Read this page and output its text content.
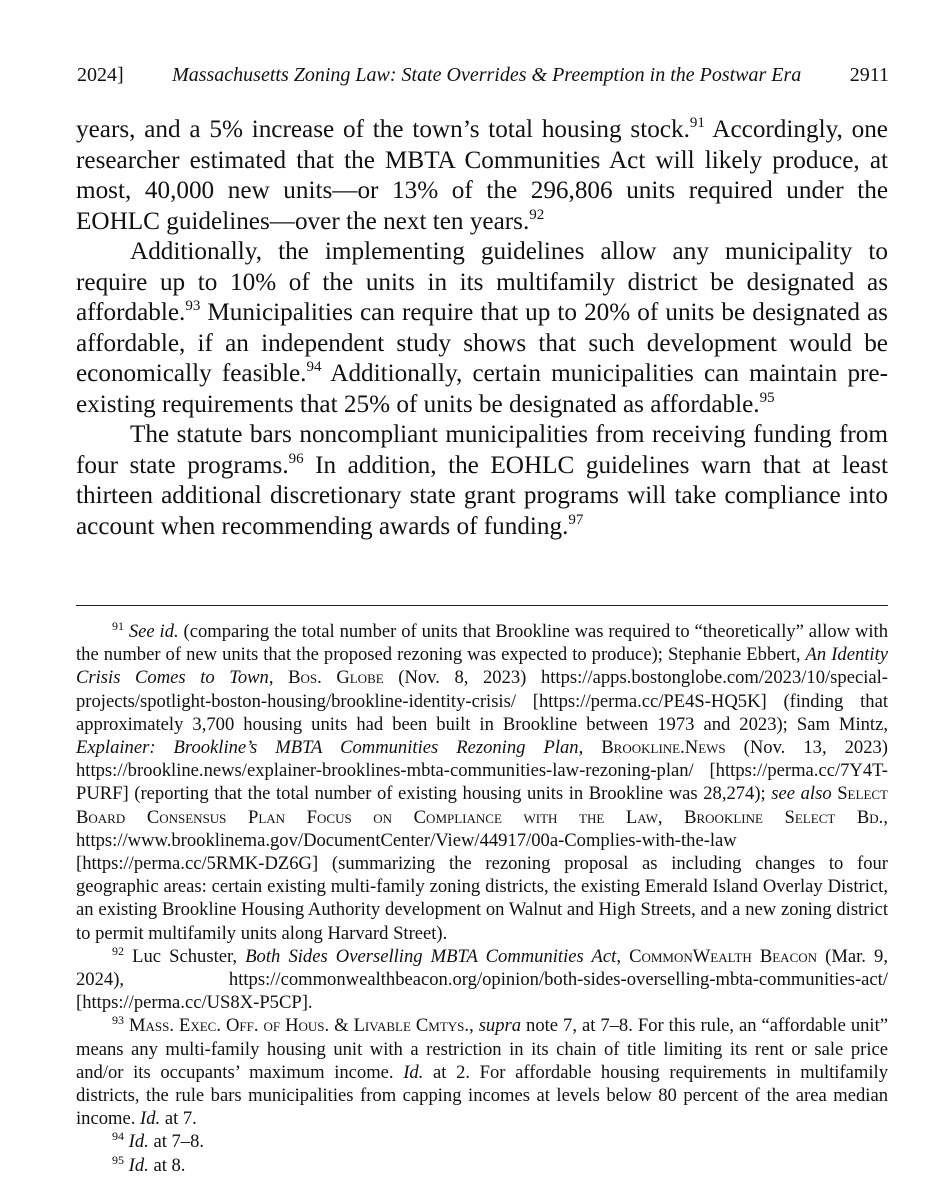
2024] Massachusetts Zoning Law: State Overrides & Preemption in the Postwar Era 2911

years, and a 5% increase of the town’s total housing stock.$^{91}$ Accordingly, one researcher estimated that the MBTA Communities Act will likely produce, at most, 40,000 new units—or 13% of the 296,806 units required under the EOHLC guidelines—over the next ten years.$^{92}$

Additionally, the implementing guidelines allow any municipality to require up to 10% of the units in its multifamily district be designated as affordable.$^{93}$ Municipalities can require that up to 20% of units be designated as affordable, if an independent study shows that such development would be economically feasible.$^{94}$ Additionally, certain municipalities can maintain pre-existing requirements that 25% of units be designated as affordable.$^{95}$

The statute bars noncompliant municipalities from receiving funding from four state programs.$^{96}$ In addition, the EOHLC guidelines warn that at least thirteen additional discretionary state grant programs will take compliance into account when recommending awards of funding.$^{97}$

$^{91}$ See id. (comparing the total number of units that Brookline was required to “theoretically” allow with the number of new units that the proposed rezoning was expected to produce); Stephanie Ebbert, An Identity Crisis Comes to Town, Bos. Globe (Nov. 8, 2023) https://apps.bostonglobe.com/2023/10/special-projects/spotlight-boston-housing/brookline-identity-crisis/ [https://perma.cc/PE4S-HQ5K] (finding that approximately 3,700 housing units had been built in Brookline between 1973 and 2023); Sam Mintz, Explainer: Brookline’s MBTA Communities Rezoning Plan, Brookline.News (Nov. 13, 2023) https://brookline.news/explainer-brooklines-mbta-communities-law-rezoning-plan/ [https://perma.cc/7Y4T-PURF] (reporting that the total number of existing housing units in Brookline was 28,274); see also Select Board Consensus Plan Focus on Compliance with the Law, Brookline Select Bd., https://www.brooklinema.gov/DocumentCenter/View/44917/00a-Complies-with-the-law [https://perma.cc/5RMK-DZ6G] (summarizing the rezoning proposal as including changes to four geographic areas: certain existing multi-family zoning districts, the existing Emerald Island Overlay District, an existing Brookline Housing Authority development on Walnut and High Streets, and a new zoning district to permit multifamily units along Harvard Street).

$^{92}$ Luc Schuster, Both Sides Overselling MBTA Communities Act, CommonWealth Beacon (Mar. 9, 2024), https://commonwealthbeacon.org/opinion/both-sides-overselling-mbta-communities-act/ [https://perma.cc/US8X-P5CP].

$^{93}$ Mass. Exec. Off. of Hous. & Livable Cmtys., supra note 7, at 7–8. For this rule, an “affordable unit” means any multi-family housing unit with a restriction in its chain of title limiting its rent or sale price and/or its occupants’ maximum income. Id. at 2. For affordable housing requirements in multifamily districts, the rule bars municipalities from capping incomes at levels below 80 percent of the area median income. Id. at 7.

$^{94}$ Id. at 7–8.

$^{95}$ Id. at 8.
